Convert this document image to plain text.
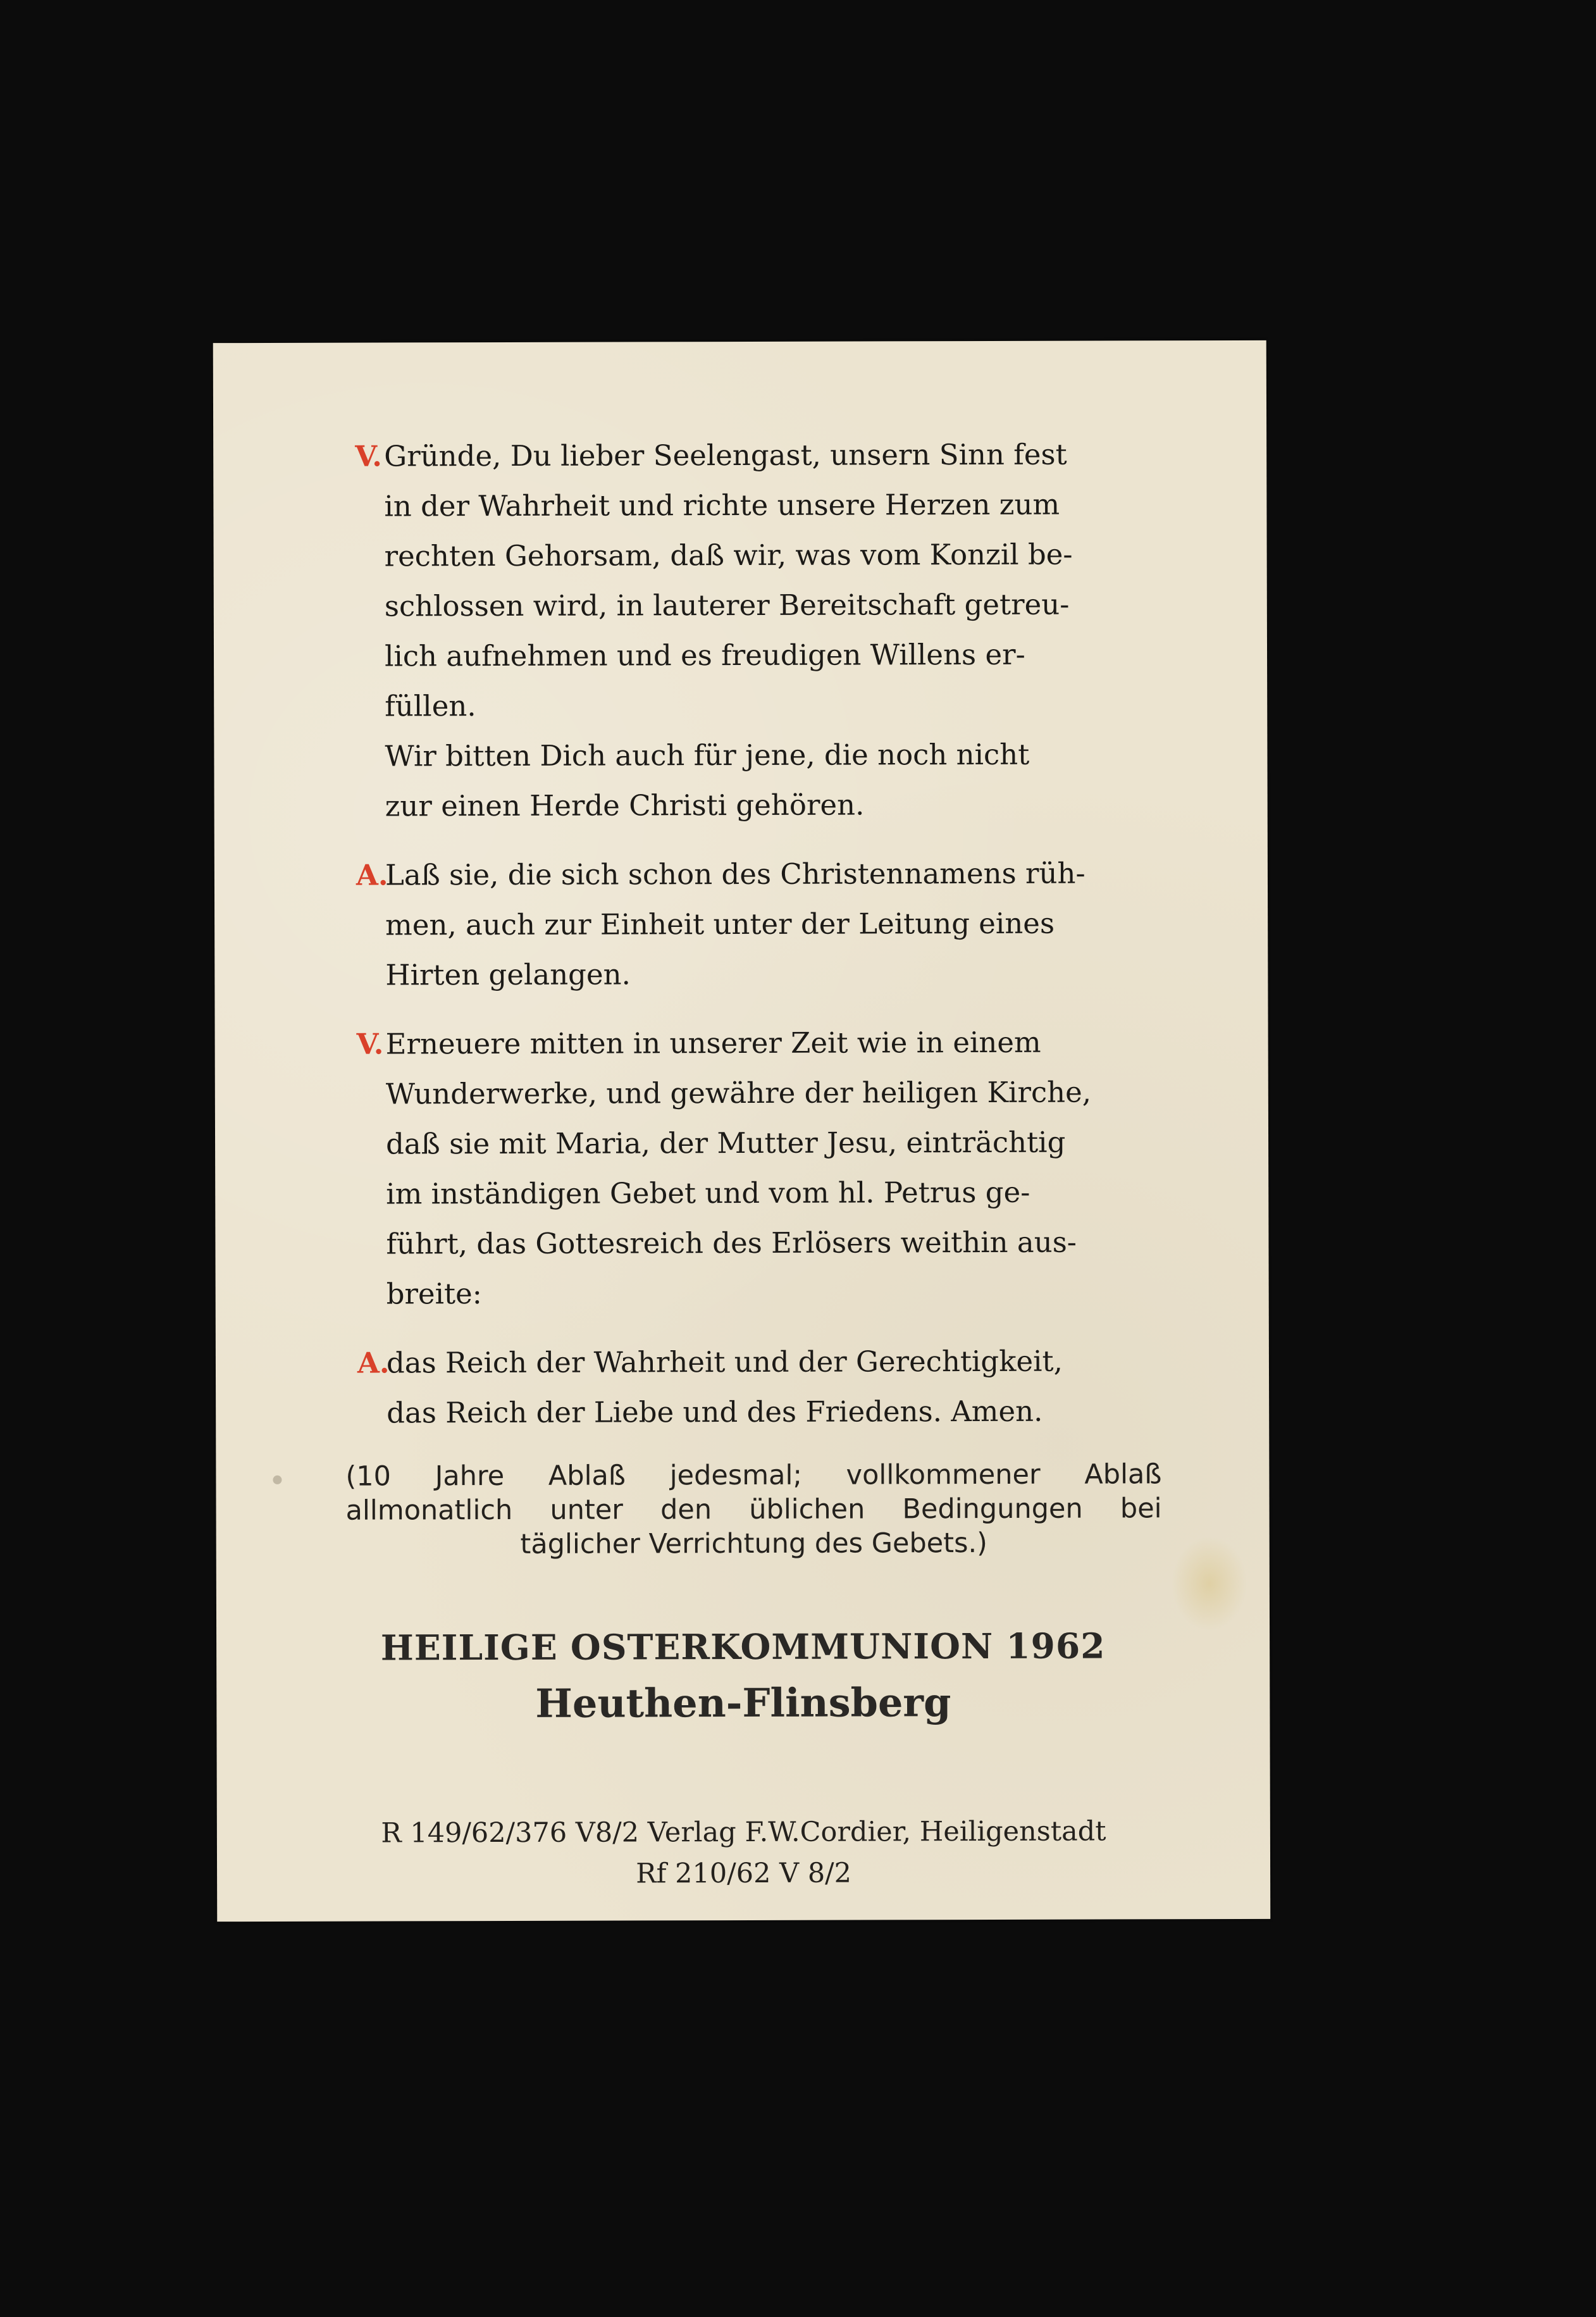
V. Gründe, Du lieber Seelengast, unsern Sinn fest
in der Wahrheit und richte unsere Herzen zum
rechten Gehorsam, daß wir, was vom Konzil be-
schlossen wird, in lauterer Bereitschaft getreu-
lich aufnehmen und es freudigen Willens er-
füllen.
Wir bitten Dich auch für jene, die noch nicht
zur einen Herde Christi gehören.
A.
Laß sie, die sich schon des Christennamens rüh-
men, auch zur Einheit unter der Leitung eines
Hirten gelangen.
V. Erneuere mitten in unserer Zeit wie in einem
Wunderwerke, und gewähre der heiligen Kirche,
daß sie mit Maria, der Mutter Jesu, einträchtig
im inständigen Gebet und vom hl. Petrus ge-
führt, das Gottesreich des Erlösers weithin aus-
breite:
A.
das Reich der Wahrheit und der Gerechtigkeit,
das Reich der Liebe und des Friedens. Amen.
(10 Jahre Ablaß jedesmal; vollkommener Ablaß
allmonatlich unter den üblichen Bedingungen bei
täglicher Verrichtung des Gebets.)
HEILIGE OSTERKOMMUNION 1962
Heuthen-Flinsberg
R 149/62/376 V8/2 Verlag F.W.Cordier, Heiligenstadt
Rf 210/62 V 8/2
